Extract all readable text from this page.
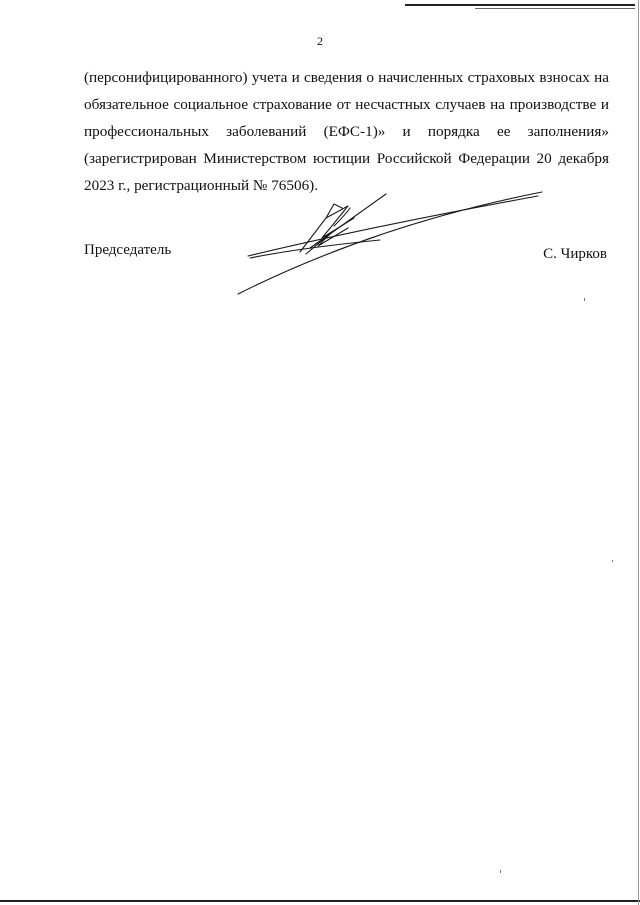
2
(персонифицированного) учета и сведения о начисленных страховых взносах на
обязательное социальное страхование от несчастных случаев на производстве и
профессиональных заболеваний (ЕФС-1)» и порядка ее заполнения»
(зарегистрирован Министерством юстиции Российской Федерации 20 декабря
2023 г., регистрационный № 76506).
Председатель	С. Чирков
